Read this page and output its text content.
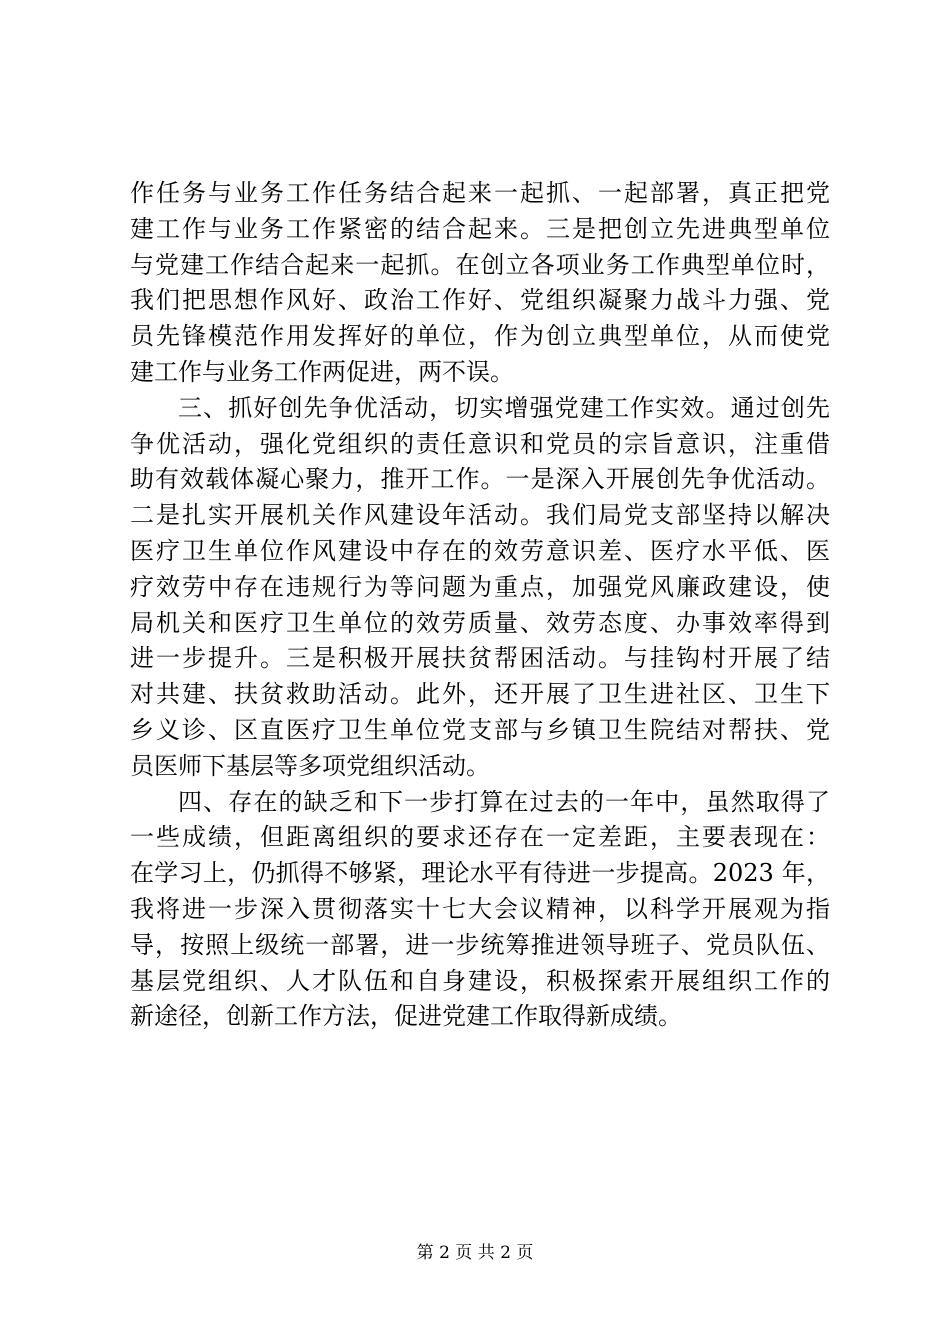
作任务与业务工作任务结合起来一起抓、一起部署，真正把党
建工作与业务工作紧密的结合起来。三是把创立先进典型单位
与党建工作结合起来一起抓。在创立各项业务工作典型单位时，
我们把思想作风好、政治工作好、党组织凝聚力战斗力强、党
员先锋模范作用发挥好的单位，作为创立典型单位，从而使党
建工作与业务工作两促进，两不误。
三、抓好创先争优活动，切实增强党建工作实效。通过创先
争优活动，强化党组织的责任意识和党员的宗旨意识，注重借
助有效载体凝心聚力，推开工作。一是深入开展创先争优活动。
二是扎实开展机关作风建设年活动。我们局党支部坚持以解决
医疗卫生单位作风建设中存在的效劳意识差、医疗水平低、医
疗效劳中存在违规行为等问题为重点，加强党风廉政建设，使
局机关和医疗卫生单位的效劳质量、效劳态度、办事效率得到
进一步提升。三是积极开展扶贫帮困活动。与挂钩村开展了结
对共建、扶贫救助活动。此外，还开展了卫生进社区、卫生下
乡义诊、区直医疗卫生单位党支部与乡镇卫生院结对帮扶、党
员医师下基层等多项党组织活动。
四、存在的缺乏和下一步打算在过去的一年中，虽然取得了
一些成绩，但距离组织的要求还存在一定差距，主要表现在：
在学习上，仍抓得不够紧，理论水平有待进一步提高。2023 年，
我将进一步深入贯彻落实十七大会议精神，以科学开展观为指
导，按照上级统一部署，进一步统筹推进领导班子、党员队伍、
基层党组织、人才队伍和自身建设，积极探索开展组织工作的
新途径，创新工作方法，促进党建工作取得新成绩。
第 2 页 共 2 页
